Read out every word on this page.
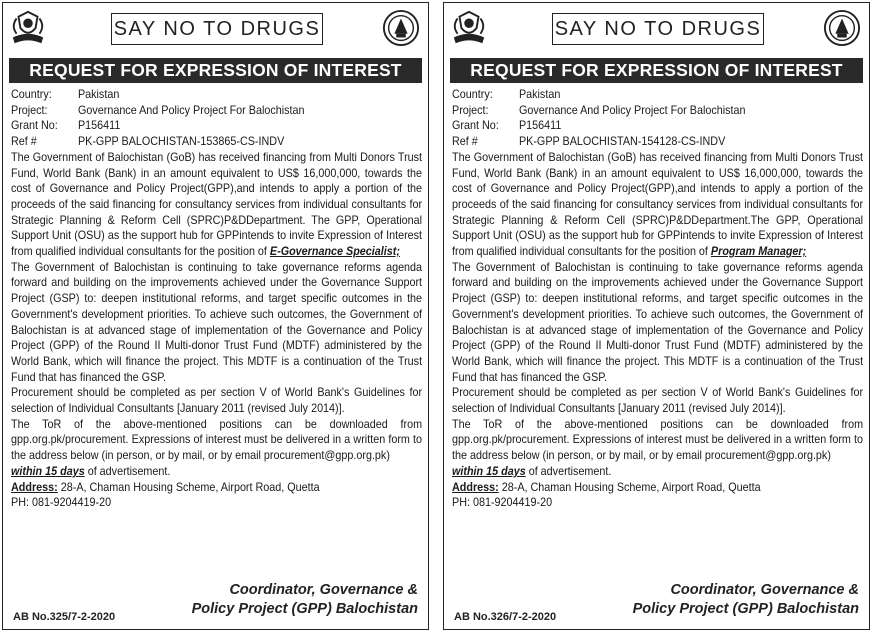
SAY NO TO DRUGS
REQUEST FOR EXPRESSION OF INTEREST
Country:	Pakistan
Project:	Governance And Policy Project For Balochistan
Grant No:	P156411
Ref #	PK-GPP BALOCHISTAN-153865-CS-INDV

The Government of Balochistan (GoB) has received financing from Multi Donors Trust Fund, World Bank (Bank) in an amount equivalent to US$ 16,000,000, towards the cost of Governance and Policy Project(GPP),and intends to apply a portion of the proceeds of the said financing for consultancy services from individual consultants for Strategic Planning & Reform Cell (SPRC)P&DDepartment. The GPP, Operational Support Unit (OSU) as the support hub for GPPintends to invite Expression of Interest from qualified individual consultants for the position of E-Governance Specialist;

The Government of Balochistan is continuing to take governance reforms agenda forward and building on the improvements achieved under the Governance Support Project (GSP) to: deepen institutional reforms, and target specific outcomes in the Government's development priorities. To achieve such outcomes, the Government of Balochistan is at advanced stage of implementation of the Governance and Policy Project (GPP) of the Round II Multi-donor Trust Fund (MDTF) administered by the World Bank, which will finance the project. This MDTF is a continuation of the Trust Fund that has financed the GSP.

Procurement should be completed as per section V of World Bank's Guidelines for selection of Individual Consultants [January 2011 (revised July 2014)].

The ToR of the above-mentioned positions can be downloaded from gpp.org.pk/procurement. Expressions of interest must be delivered in a written form to the address below (in person, or by mail, or by email procurement@gpp.org.pk)

within 15 days of advertisement.

Address: 28-A, Chaman Housing Scheme, Airport Road, Quetta

PH: 081-9204419-20

Coordinator, Governance &
Policy Project (GPP) Balochistan
AB No.325/7-2-2020
SAY NO TO DRUGS
REQUEST FOR EXPRESSION OF INTEREST
Country:	Pakistan
Project:	Governance And Policy Project For Balochistan
Grant No:	P156411
Ref #	PK-GPP BALOCHISTAN-154128-CS-INDV

The Government of Balochistan (GoB) has received financing from Multi Donors Trust Fund, World Bank (Bank) in an amount equivalent to US$ 16,000,000, towards the cost of Governance and Policy Project(GPP),and intends to apply a portion of the proceeds of the said financing for consultancy services from individual consultants for Strategic Planning & Reform Cell (SPRC)P&DDepartment.The GPP, Operational Support Unit (OSU) as the support hub for GPPintends to invite Expression of Interest from qualified individual consultants for the position of Program Manager;

The Government of Balochistan is continuing to take governance reforms agenda forward and building on the improvements achieved under the Governance Support Project (GSP) to: deepen institutional reforms, and target specific outcomes in the Government's development priorities. To achieve such outcomes, the Government of Balochistan is at advanced stage of implementation of the Governance and Policy Project (GPP) of the Round II Multi-donor Trust Fund (MDTF) administered by the World Bank, which will finance the project. This MDTF is a continuation of the Trust Fund that has financed the GSP.

Procurement should be completed as per section V of World Bank's Guidelines for selection of Individual Consultants [January 2011 (revised July 2014)].

The ToR of the above-mentioned positions can be downloaded from gpp.org.pk/procurement. Expressions of interest must be delivered in a written form to the address below (in person, or by mail, or by email procurement@gpp.org.pk)

within 15 days of advertisement.

Address: 28-A, Chaman Housing Scheme, Airport Road, Quetta

PH: 081-9204419-20

Coordinator, Governance &
Policy Project (GPP) Balochistan
AB No.326/7-2-2020
